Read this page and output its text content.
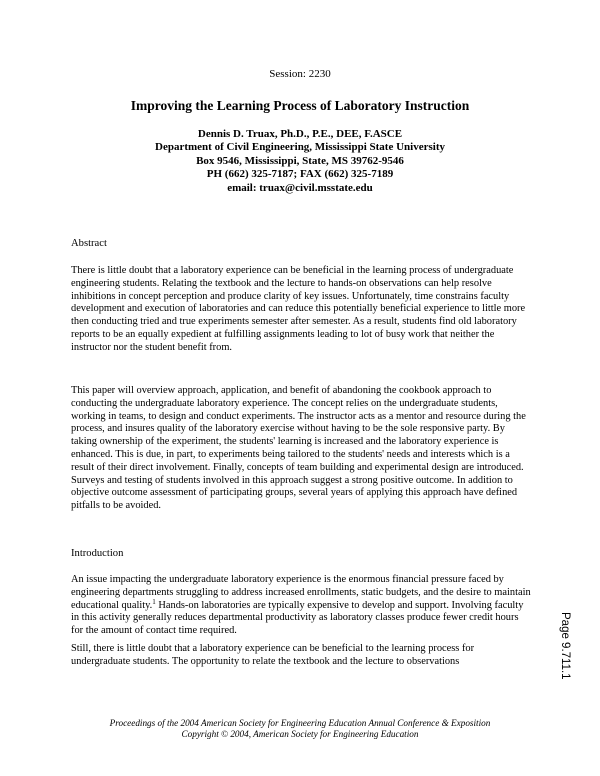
Session: 2230
Improving the Learning Process of Laboratory Instruction
Dennis D. Truax, Ph.D., P.E., DEE, F.ASCE
Department of Civil Engineering, Mississippi State University
Box 9546, Mississippi, State, MS 39762-9546
PH (662) 325-7187; FAX (662) 325-7189
email: truax@civil.msstate.edu
Abstract

There is little doubt that a laboratory experience can be beneficial in the learning process of undergraduate engineering students. Relating the textbook and the lecture to hands-on observations can help resolve inhibitions in concept perception and produce clarity of key issues. Unfortunately, time constrains faculty development and execution of laboratories and can reduce this potentially beneficial experience to little more then conducting tried and true experiments semester after semester. As a result, students find old laboratory reports to be an equally expedient at fulfilling assignments leading to lot of busy work that neither the instructor nor the student benefit from.

This paper will overview approach, application, and benefit of abandoning the cookbook approach to conducting the undergraduate laboratory experience. The concept relies on the undergraduate students, working in teams, to design and conduct experiments. The instructor acts as a mentor and resource during the process, and insures quality of the laboratory exercise without having to be the sole responsive party. By taking ownership of the experiment, the students' learning is increased and the laboratory experience is enhanced. This is due, in part, to experiments being tailored to the students' needs and interests which is a result of their direct involvement. Finally, concepts of team building and experimental design are introduced. Surveys and testing of students involved in this approach suggest a strong positive outcome. In addition to objective outcome assessment of participating groups, several years of applying this approach have defined pitfalls to be avoided.

Introduction

An issue impacting the undergraduate laboratory experience is the enormous financial pressure faced by engineering departments struggling to address increased enrollments, static budgets, and the desire to maintain educational quality.$^1$ Hands-on laboratories are typically expensive to develop and support. Involving faculty in this activity generally reduces departmental productivity as laboratory classes produce fewer credit hours for the amount of contact time required.

Still, there is little doubt that a laboratory experience can be beneficial to the learning process for undergraduate students. The opportunity to relate the textbook and the lecture to observations

Proceedings of the 2004 American Society for Engineering Education Annual Conference & Exposition
Copyright © 2004, American Society for Engineering Education
Page 9.711.1
